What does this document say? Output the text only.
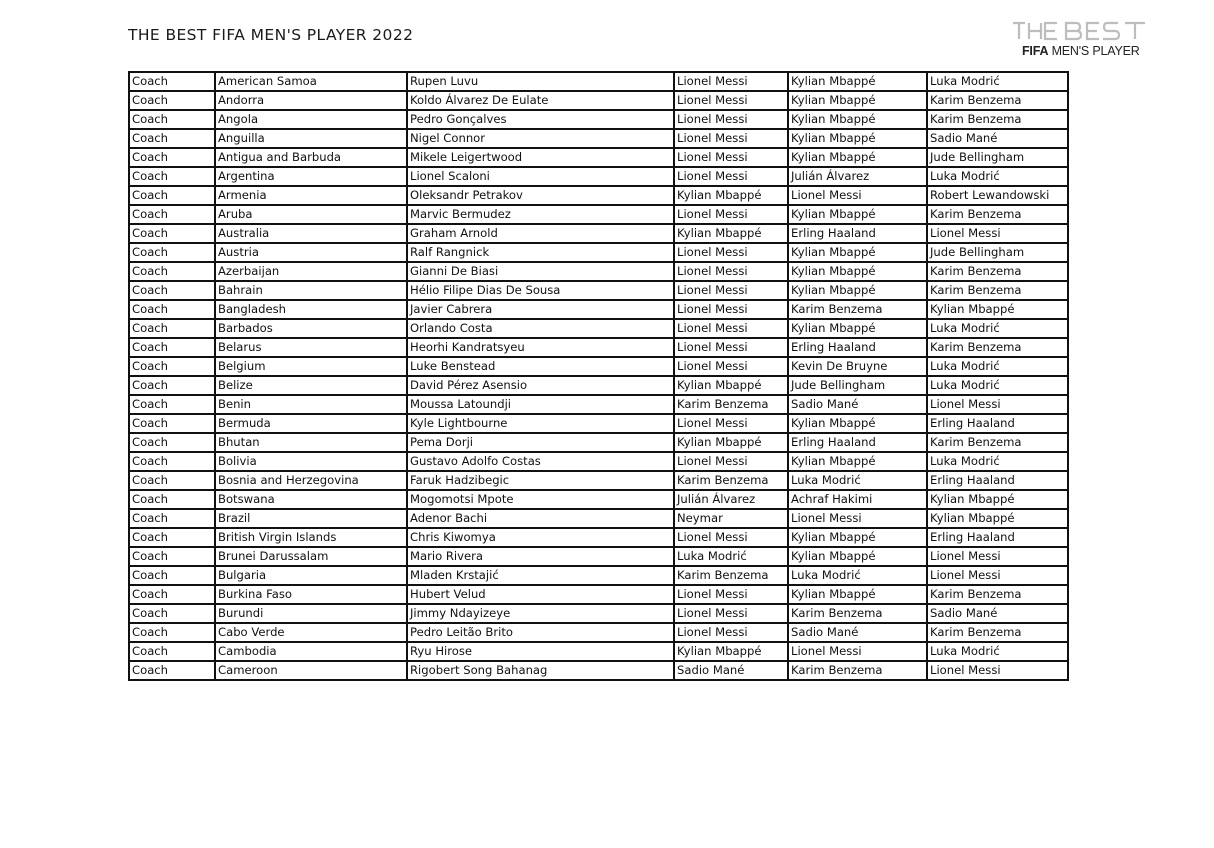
THE BEST FIFA MEN'S PLAYER 2022
FIFA MEN'S PLAYER
Coach	American Samoa	Rupen Luvu	Lionel Messi	Kylian Mbappé	Luka Modrić
Coach	Andorra	Koldo Álvarez De Eulate	Lionel Messi	Kylian Mbappé	Karim Benzema
Coach	Angola	Pedro Gonçalves	Lionel Messi	Kylian Mbappé	Karim Benzema
Coach	Anguilla	Nigel Connor	Lionel Messi	Kylian Mbappé	Sadio Mané
Coach	Antigua and Barbuda	Mikele Leigertwood	Lionel Messi	Kylian Mbappé	Jude Bellingham
Coach	Argentina	Lionel Scaloni	Lionel Messi	Julián Álvarez	Luka Modrić
Coach	Armenia	Oleksandr Petrakov	Kylian Mbappé	Lionel Messi	Robert Lewandowski
Coach	Aruba	Marvic Bermudez	Lionel Messi	Kylian Mbappé	Karim Benzema
Coach	Australia	Graham Arnold	Kylian Mbappé	Erling Haaland	Lionel Messi
Coach	Austria	Ralf Rangnick	Lionel Messi	Kylian Mbappé	Jude Bellingham
Coach	Azerbaijan	Gianni De Biasi	Lionel Messi	Kylian Mbappé	Karim Benzema
Coach	Bahrain	Hélio Filipe Dias De Sousa	Lionel Messi	Kylian Mbappé	Karim Benzema
Coach	Bangladesh	Javier Cabrera	Lionel Messi	Karim Benzema	Kylian Mbappé
Coach	Barbados	Orlando Costa	Lionel Messi	Kylian Mbappé	Luka Modrić
Coach	Belarus	Heorhi Kandratsyeu	Lionel Messi	Erling Haaland	Karim Benzema
Coach	Belgium	Luke Benstead	Lionel Messi	Kevin De Bruyne	Luka Modrić
Coach	Belize	David Pérez Asensio	Kylian Mbappé	Jude Bellingham	Luka Modrić
Coach	Benin	Moussa Latoundji	Karim Benzema	Sadio Mané	Lionel Messi
Coach	Bermuda	Kyle Lightbourne	Lionel Messi	Kylian Mbappé	Erling Haaland
Coach	Bhutan	Pema Dorji	Kylian Mbappé	Erling Haaland	Karim Benzema
Coach	Bolivia	Gustavo Adolfo Costas	Lionel Messi	Kylian Mbappé	Luka Modrić
Coach	Bosnia and Herzegovina	Faruk Hadzibegic	Karim Benzema	Luka Modrić	Erling Haaland
Coach	Botswana	Mogomotsi Mpote	Julián Álvarez	Achraf Hakimi	Kylian Mbappé
Coach	Brazil	Adenor Bachi	Neymar	Lionel Messi	Kylian Mbappé
Coach	British Virgin Islands	Chris Kiwomya	Lionel Messi	Kylian Mbappé	Erling Haaland
Coach	Brunei Darussalam	Mario Rivera	Luka Modrić	Kylian Mbappé	Lionel Messi
Coach	Bulgaria	Mladen Krstajić	Karim Benzema	Luka Modrić	Lionel Messi
Coach	Burkina Faso	Hubert Velud	Lionel Messi	Kylian Mbappé	Karim Benzema
Coach	Burundi	Jimmy Ndayizeye	Lionel Messi	Karim Benzema	Sadio Mané
Coach	Cabo Verde	Pedro Leitão Brito	Lionel Messi	Sadio Mané	Karim Benzema
Coach	Cambodia	Ryu Hirose	Kylian Mbappé	Lionel Messi	Luka Modrić
Coach	Cameroon	Rigobert Song Bahanag	Sadio Mané	Karim Benzema	Lionel Messi
